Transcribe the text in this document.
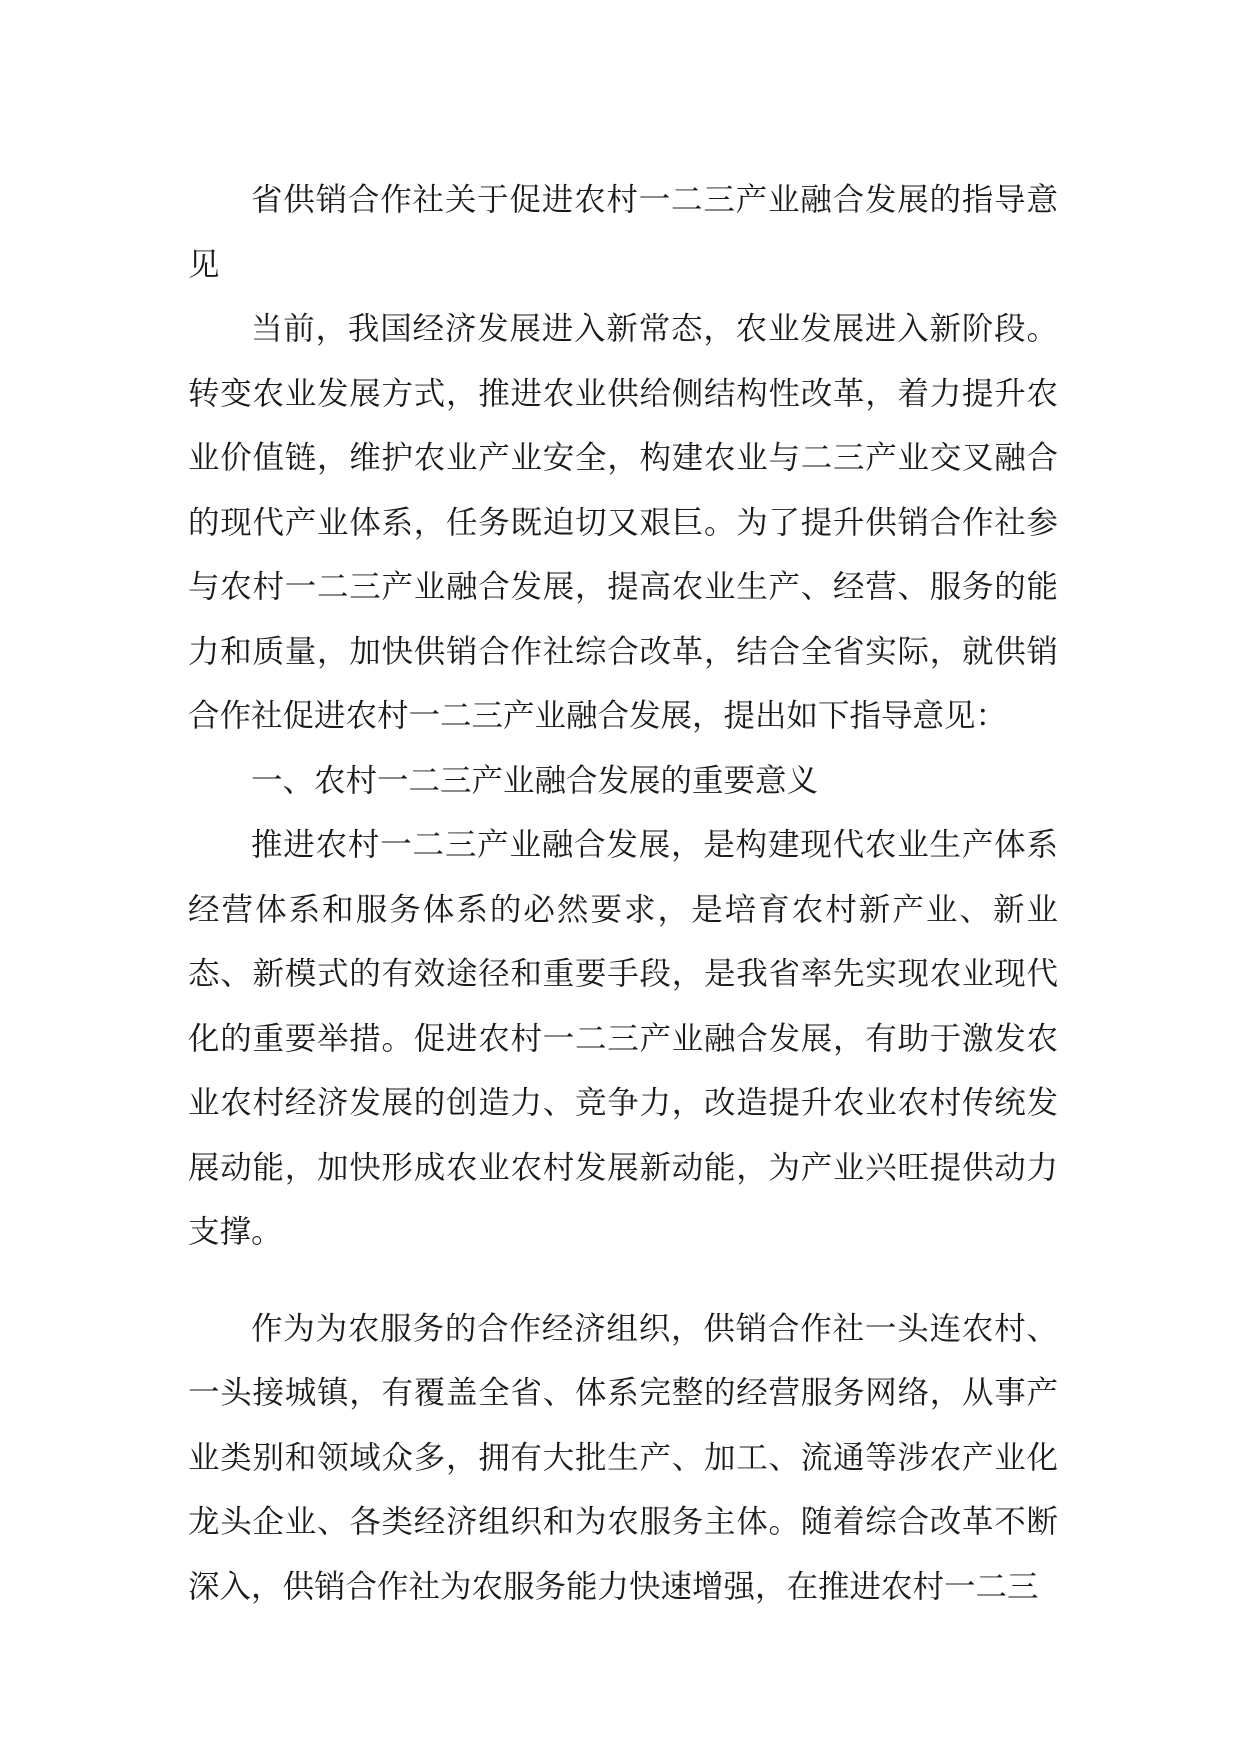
省供销合作社关于促进农村一二三产业融合发展的指导意见

当前，我国经济发展进入新常态，农业发展进入新阶段。转变农业发展方式，推进农业供给侧结构性改革，着力提升农业价值链，维护农业产业安全，构建农业与二三产业交叉融合的现代产业体系，任务既迫切又艰巨。为了提升供销合作社参与农村一二三产业融合发展，提高农业生产、经营、服务的能力和质量，加快供销合作社综合改革，结合全省实际，就供销合作社促进农村一二三产业融合发展，提出如下指导意见：

一、农村一二三产业融合发展的重要意义

推进农村一二三产业融合发展，是构建现代农业生产体系经营体系和服务体系的必然要求，是培育农村新产业、新业态、新模式的有效途径和重要手段，是我省率先实现农业现代化的重要举措。促进农村一二三产业融合发展，有助于激发农业农村经济发展的创造力、竞争力，改造提升农业农村传统发展动能，加快形成农业农村发展新动能，为产业兴旺提供动力支撑。

作为为农服务的合作经济组织，供销合作社一头连农村、一头接城镇，有覆盖全省、体系完整的经营服务网络，从事产业类别和领域众多，拥有大批生产、加工、流通等涉农产业化龙头企业、各类经济组织和为农服务主体。随着综合改革不断深入，供销合作社为农服务能力快速增强，在推进农村一二三
